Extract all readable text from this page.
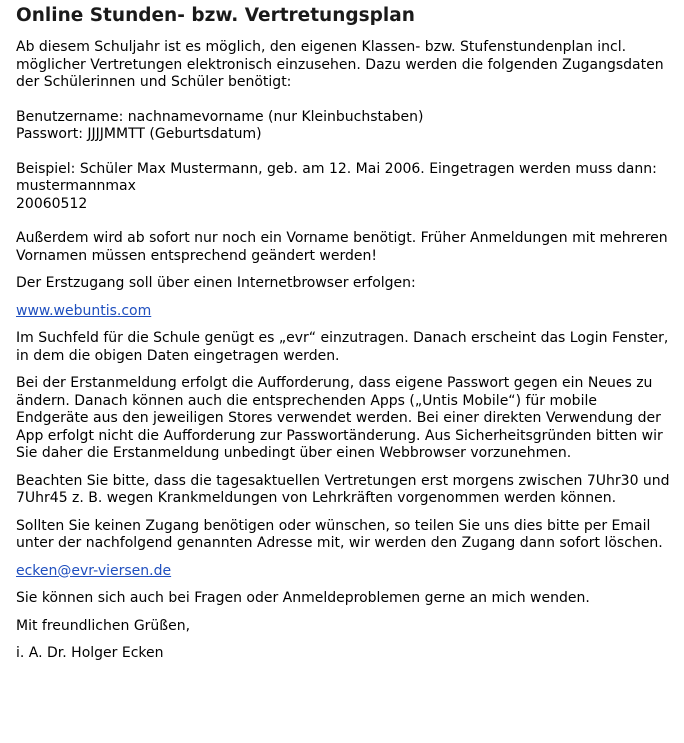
Online Stunden- bzw. Vertretungsplan

Ab diesem Schuljahr ist es möglich, den eigenen Klassen- bzw. Stufenstundenplan incl. möglicher Vertretungen elektronisch einzusehen. Dazu werden die folgenden Zugangsdaten der Schülerinnen und Schüler benötigt:

Benutzername: nachnamevorname (nur Kleinbuchstaben)

Passwort: JJJJMMTT (Geburtsdatum)

Beispiel: Schüler Max Mustermann, geb. am 12. Mai 2006. Eingetragen werden muss dann:

mustermannmax

20060512

Außerdem wird ab sofort nur noch ein Vorname benötigt. Früher Anmeldungen mit mehreren Vornamen müssen entsprechend geändert werden!

Der Erstzugang soll über einen Internetbrowser erfolgen:

www.webuntis.com

Im Suchfeld für die Schule genügt es „evr“ einzutragen. Danach erscheint das Login Fenster, in dem die obigen Daten eingetragen werden.

Bei der Erstanmeldung erfolgt die Aufforderung, dass eigene Passwort gegen ein Neues zu ändern. Danach können auch die entsprechenden Apps („Untis Mobile“) für mobile Endgeräte aus den jeweiligen Stores verwendet werden. Bei einer direkten Verwendung der App erfolgt nicht die Aufforderung zur Passwortänderung. Aus Sicherheitsgründen bitten wir Sie daher die Erstanmeldung unbedingt über einen Webbrowser vorzunehmen.

Beachten Sie bitte, dass die tagesaktuellen Vertretungen erst morgens zwischen 7Uhr30 und 7Uhr45 z. B. wegen Krankmeldungen von Lehrkräften vorgenommen werden können.

Sollten Sie keinen Zugang benötigen oder wünschen, so teilen Sie uns dies bitte per Email unter der nachfolgend genannten Adresse mit, wir werden den Zugang dann sofort löschen.

ecken@evr-viersen.de

Sie können sich auch bei Fragen oder Anmeldeproblemen gerne an mich wenden.

Mit freundlichen Grüßen,

i. A. Dr. Holger Ecken
